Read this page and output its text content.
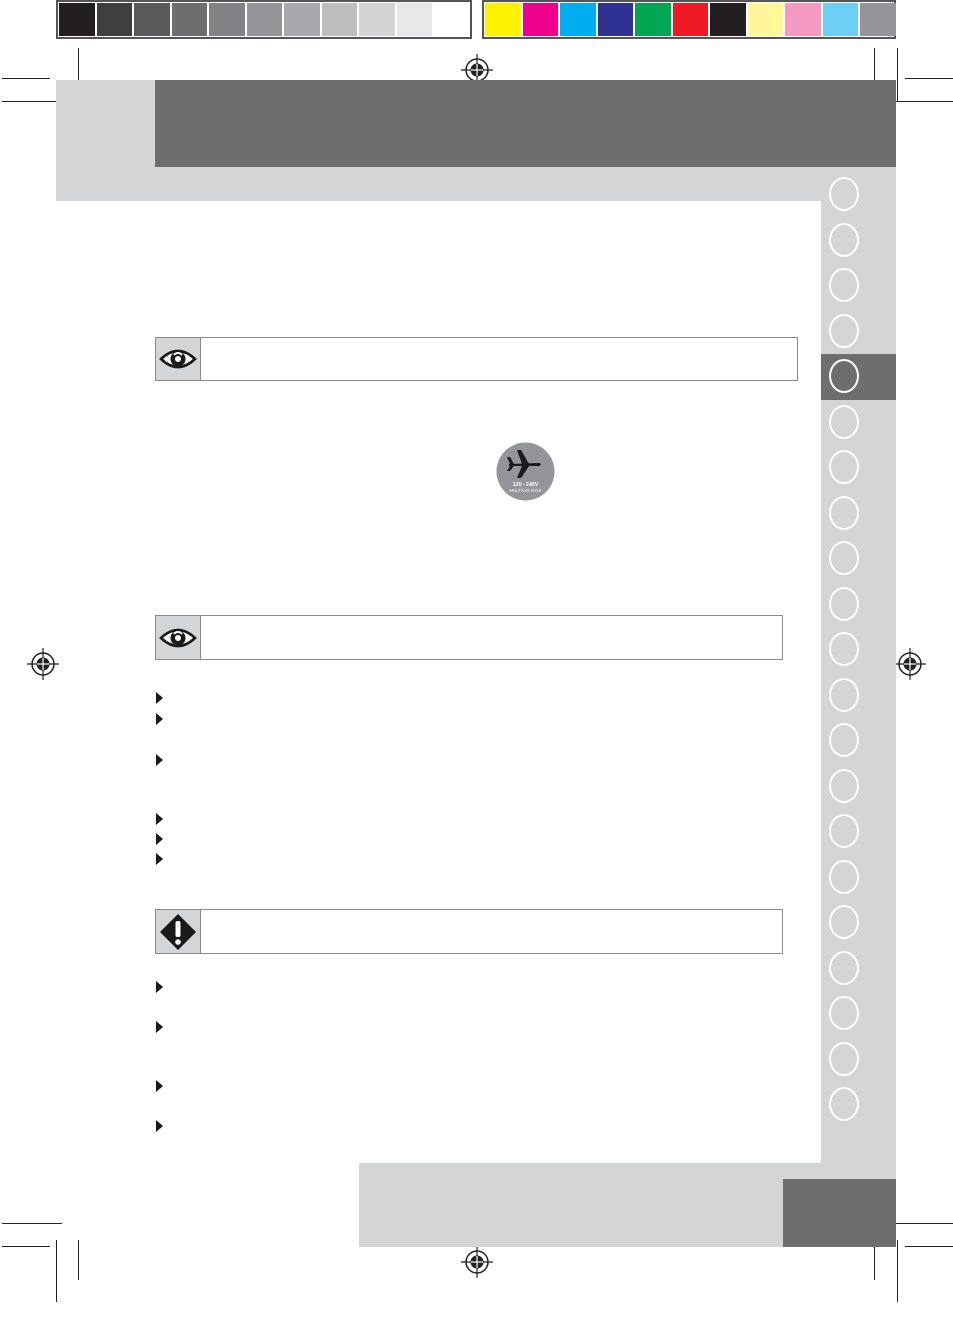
120 - 240V
MULTIVOLTAGE
